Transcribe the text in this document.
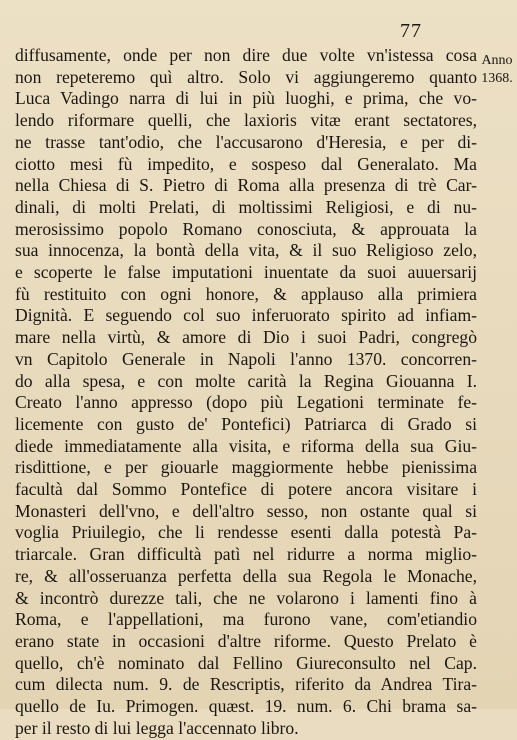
77
Anno
1368.
diffusamente, onde per non dire due volte vn'istessa cosa
non repeteremo quì altro. Solo vi aggiungeremo quanto
Luca Vadingo narra di lui in più luoghi, e prima, che vo-
lendo riformare quelli, che laxioris vitæ erant sectatores,
ne trasse tant'odio, che l'accusarono d'Heresia, e per di-
ciotto mesi fù impedito, e sospeso dal Generalato. Ma
nella Chiesa di S. Pietro di Roma alla presenza di trè Car-
dinali, di molti Prelati, di moltissimi Religiosi, e di nu-
merosissimo popolo Romano conosciuta, & approuata la
sua innocenza, la bontà della vita, & il suo Religioso zelo,
e scoperte le false imputationi inuentate da suoi auuersarij
fù restituito con ogni honore, & applauso alla primiera
Dignità. E seguendo col suo inferuorato spirito ad infiam-
mare nella virtù, & amore di Dio i suoi Padri, congregò
vn Capitolo Generale in Napoli l'anno 1370. concorren-
do alla spesa, e con molte carità la Regina Giouanna I.
Creato l'anno appresso (dopo più Legationi terminate fe-
licemente con gusto de' Pontefici) Patriarca di Grado si
diede immediatamente alla visita, e riforma della sua Giu-
risdittione, e per giouarle maggiormente hebbe pienissima
facultà dal Sommo Pontefice di potere ancora visitare i
Monasteri dell'vno, e dell'altro sesso, non ostante qual si
voglia Priuilegio, che li rendesse esenti dalla potestà Pa-
triarcale. Gran difficultà patì nel ridurre a norma miglio-
re, & all'osseruanza perfetta della sua Regola le Monache,
& incontrò durezze tali, che ne volarono i lamenti fino à
Roma, e l'appellationi, ma furono vane, com'etiandio
erano state in occasioni d'altre riforme. Questo Prelato è
quello, ch'è nominato dal Fellino Giureconsulto nel Cap.
cum dilecta num. 9. de Rescriptis, riferito da Andrea Tira-
quello de Iu. Primogen. quæst. 19. num. 6. Chi brama sa-
per il resto di lui legga l'accennato libro.
